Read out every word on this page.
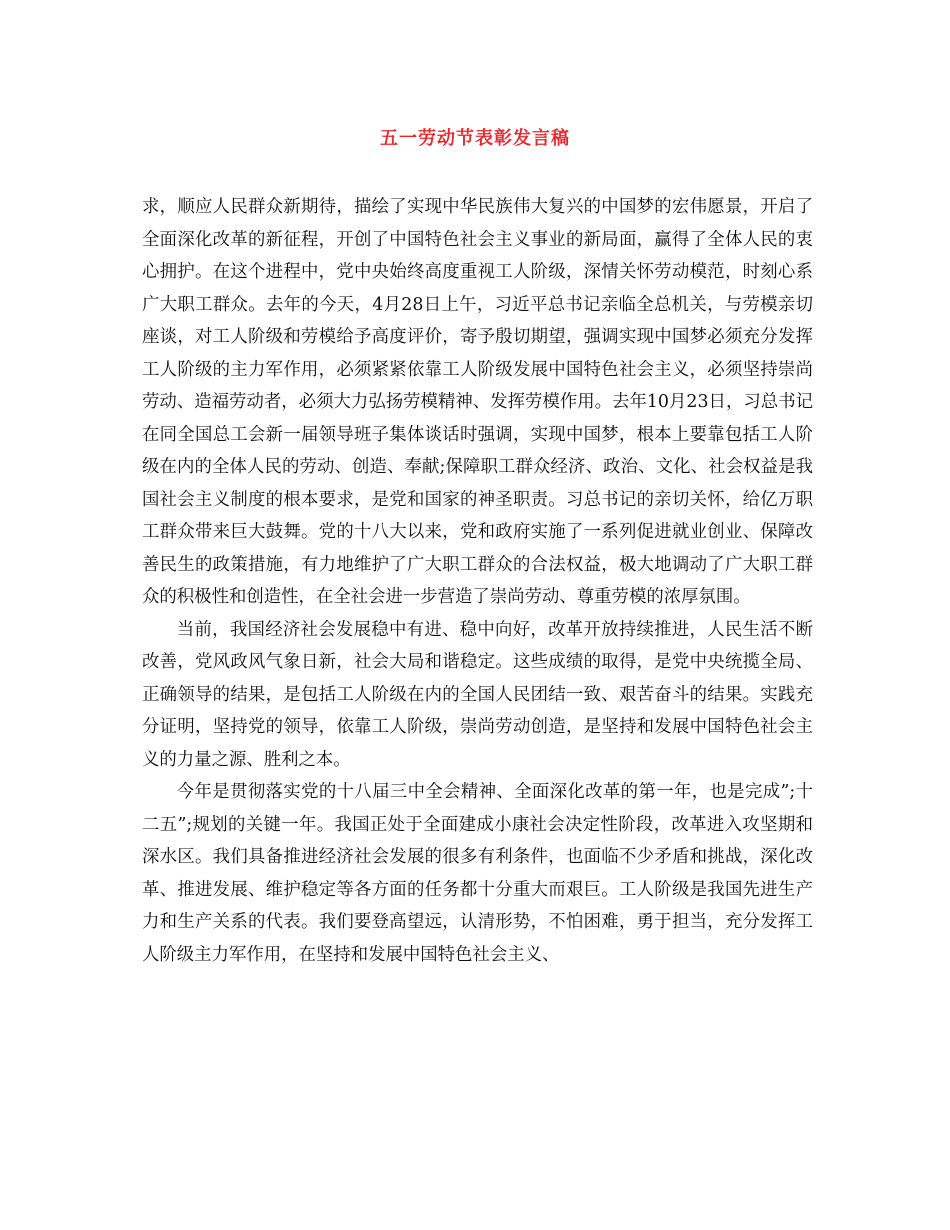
五一劳动节表彰发言稿

求，顺应人民群众新期待，描绘了实现中华民族伟大复兴的中国梦的宏伟愿景，开启了全面深化改革的新征程，开创了中国特色社会主义事业的新局面，赢得了全体人民的衷心拥护。在这个进程中，党中央始终高度重视工人阶级，深情关怀劳动模范，时刻心系广大职工群众。去年的今天，4月28日上午，习近平总书记亲临全总机关，与劳模亲切座谈，对工人阶级和劳模给予高度评价，寄予殷切期望，强调实现中国梦必须充分发挥工人阶级的主力军作用，必须紧紧依靠工人阶级发展中国特色社会主义，必须坚持崇尚劳动、造福劳动者，必须大力弘扬劳模精神、发挥劳模作用。去年10月23日，习总书记在同全国总工会新一届领导班子集体谈话时强调，实现中国梦，根本上要靠包括工人阶级在内的全体人民的劳动、创造、奉献;保障职工群众经济、政治、文化、社会权益是我国社会主义制度的根本要求，是党和国家的神圣职责。习总书记的亲切关怀，给亿万职工群众带来巨大鼓舞。党的十八大以来，党和政府实施了一系列促进就业创业、保障改善民生的政策措施，有力地维护了广大职工群众的合法权益，极大地调动了广大职工群众的积极性和创造性，在全社会进一步营造了崇尚劳动、尊重劳模的浓厚氛围。

当前，我国经济社会发展稳中有进、稳中向好，改革开放持续推进，人民生活不断改善，党风政风气象日新，社会大局和谐稳定。这些成绩的取得，是党中央统揽全局、正确领导的结果，是包括工人阶级在内的全国人民团结一致、艰苦奋斗的结果。实践充分证明，坚持党的领导，依靠工人阶级，崇尚劳动创造，是坚持和发展中国特色社会主义的力量之源、胜利之本。

今年是贯彻落实党的十八届三中全会精神、全面深化改革的第一年，也是完成”;十二五”;规划的关键一年。我国正处于全面建成小康社会决定性阶段，改革进入攻坚期和深水区。我们具备推进经济社会发展的很多有利条件，也面临不少矛盾和挑战，深化改革、推进发展、维护稳定等各方面的任务都十分重大而艰巨。工人阶级是我国先进生产力和生产关系的代表。我们要登高望远，认清形势，不怕困难，勇于担当，充分发挥工人阶级主力军作用，在坚持和发展中国特色社会主义、
